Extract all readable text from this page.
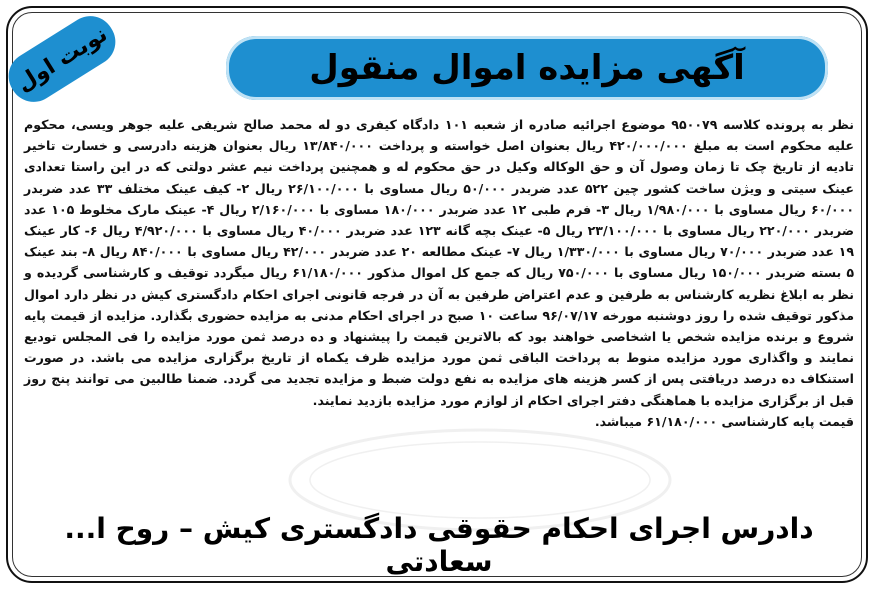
نوبت اول	آگهی مزایده اموال منقول

نظر به پرونده کلاسه ۹۵۰۰۷۹ موضوع اجرائیه صادره از شعبه ۱۰۱ دادگاه کیفری دو له محمد صالح شریفی علیه جوهر ویسی، محکوم علیه محکوم است به مبلغ ۴۲۰/۰۰۰/۰۰۰ ریال بعنوان اصل خواسته و پرداخت ۱۳/۸۴۰/۰۰۰ ریال بعنوان هزینه دادرسی و خسارت تاخیر تادیه از تاریخ چک تا زمان وصول آن و حق الوکاله وکیل در حق محکوم له و همچنین پرداخت نیم عشر دولتی که در این راستا تعدادی عینک سیتی و ویژن ساخت کشور چین ۵۲۲ عدد ضربدر ۵۰/۰۰۰ ریال مساوی با ۲۶/۱۰۰/۰۰۰ ریال ۲- کیف عینک مختلف ۳۳ عدد ضربدر ۶۰/۰۰۰ ریال مساوی با ۱/۹۸۰/۰۰۰ ریال ۳- فرم طبی ۱۲ عدد ضربدر ۱۸۰/۰۰۰ مساوی با ۲/۱۶۰/۰۰۰ ریال ۴- عینک مارک مخلوط ۱۰۵ عدد ضربدر ۲۲۰/۰۰۰ ریال مساوی با ۲۳/۱۰۰/۰۰۰ ریال ۵- عینک بچه گانه ۱۲۳ عدد ضربدر ۴۰/۰۰۰ ریال مساوی با ۴/۹۲۰/۰۰۰ ریال ۶- کار عینک ۱۹ عدد ضربدر ۷۰/۰۰۰ ریال مساوی با ۱/۳۳۰/۰۰۰ ریال ۷- عینک مطالعه ۲۰ عدد ضربدر ۴۲/۰۰۰ ریال مساوی با ۸۴۰/۰۰۰ ریال ۸- بند عینک ۵ بسته ضربدر ۱۵۰/۰۰۰ ریال مساوی با ۷۵۰/۰۰۰ ریال که جمع کل اموال مذکور ۶۱/۱۸۰/۰۰۰ ریال میگردد توقیف و کارشناسی گردیده و نظر به ابلاغ نظریه کارشناس به طرفین و عدم اعتراض طرفین به آن در فرجه قانونی اجرای احکام دادگستری کیش در نظر دارد اموال مذکور توقیف شده را روز دوشنبه مورخه ۹۶/۰۷/۱۷ ساعت ۱۰ صبح در اجرای احکام مدنی به مزایده حضوری بگذارد. مزایده از قیمت پایه شروع و برنده مزایده شخص یا اشخاصی خواهند بود که بالاترین قیمت را پیشنهاد و ده درصد ثمن مورد مزایده را فی المجلس تودیع نمایند و واگذاری مورد مزایده منوط به پرداخت الباقی ثمن مورد مزایده ظرف یکماه از تاریخ برگزاری مزایده می باشد. در صورت استنکاف ده درصد دریافتی پس از کسر هزینه های مزایده به نفع دولت ضبط و مزایده تجدید می گردد. ضمنا طالبین می توانند پنج روز قبل از برگزاری مزایده با هماهنگی دفتر اجرای احکام از لوازم مورد مزایده بازدید نمایند.

قیمت پایه کارشناسی ۶۱/۱۸۰/۰۰۰ میباشد.

دادرس اجرای احکام حقوقی دادگستری کیش – روح ا... سعادتی
